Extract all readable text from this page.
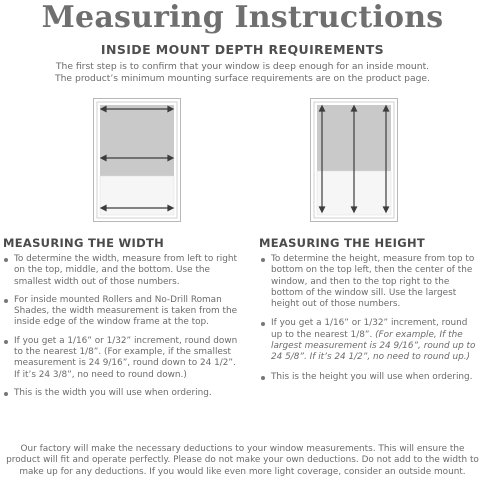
Measuring Instructions
INSIDE MOUNT DEPTH REQUIREMENTS
The first step is to confirm that your window is deep enough for an inside mount.
The product’s minimum mounting surface requirements are on the product page.
MEASURING THE WIDTH
To determine the width, measure from left to right on the top, middle, and the bottom. Use the smallest width out of those numbers.
For inside mounted Rollers and No-Drill Roman Shades, the width measurement is taken from the inside edge of the window frame at the top.
If you get a 1/16” or 1/32” increment, round down to the nearest 1/8”. (For example, if the smallest measurement is 24 9/16”, round down to 24 1/2”. If it’s 24 3/8”, no need to round down.)
This is the width you will use when ordering.
MEASURING THE HEIGHT
To determine the height, measure from top to bottom on the top left, then the center of the window, and then to the top right to the bottom of the window sill. Use the largest height out of those numbers.
If you get a 1/16” or 1/32” increment, round up to the nearest 1/8”. (For example, If the largest measurement is 24 9/16”, round up to 24 5/8”. If it’s 24 1/2”, no need to round up.)
This is the height you will use when ordering.
Our factory will make the necessary deductions to your window measurements. This will ensure the product will fit and operate perfectly. Please do not make your own deductions. Do not add to the width to make up for any deductions. If you would like even more light coverage, consider an outside mount.
